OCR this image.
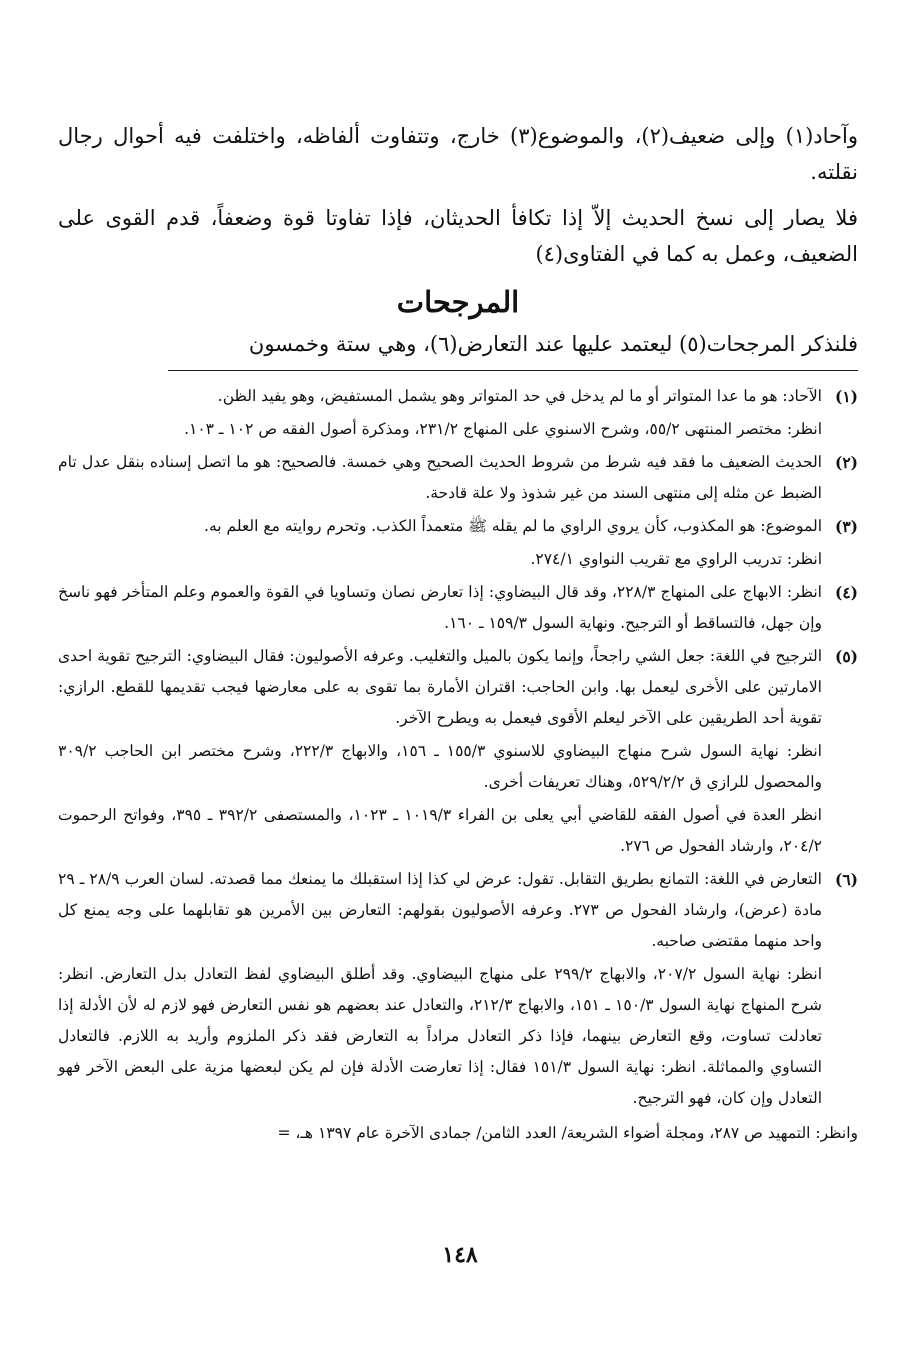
وآحاد(١) وإلى ضعيف(٢)، والموضوع(٣) خارج، وتتفاوت ألفاظه، واختلفت فيه أحوال رجال نقلته.

فلا يصار إلى نسخ الحديث إلاّ إذا تكافأ الحديثان، فإذا تفاوتا قوة وضعفاً، قدم القوى على الضعيف، وعمل به كما في الفتاوى(٤)

المرجحات

فلنذكر المرجحات(٥) ليعتمد عليها عند التعارض(٦)، وهي ستة وخمسون

(١)

الآحاد: هو ما عدا المتواتر أو ما لم يدخل في حد المتواتر وهو يشمل المستفيض، وهو يفيد الظن.

انظر: مختصر المنتهى ٥٥/٢، وشرح الاسنوي على المنهاج ٢٣١/٢، ومذكرة أصول الفقه ص ١٠٢ ـ ١٠٣.

(٢)

الحديث الضعيف ما فقد فيه شرط من شروط الحديث الصحيح وهي خمسة. فالصحيح: هو ما اتصل إسناده بنقل عدل تام الضبط عن مثله إلى منتهى السند من غير شذوذ ولا علة قادحة.

(٣)

الموضوع: هو المكذوب، كأن يروي الراوي ما لم يقله ﷺ متعمداً الكذب. وتحرم روايته مع العلم به.

انظر: تدريب الراوي مع تقريب النواوي ٢٧٤/١.

(٤)

انظر: الابهاج على المنهاج ٢٢٨/٣، وقد قال البيضاوي: إذا تعارض نصان وتساويا في القوة والعموم وعلم المتأخر فهو ناسخ وإن جهل، فالتساقط أو الترجيح. ونهاية السول ١٥٩/٣ ـ ١٦٠.

(٥)

الترجيح في اللغة: جعل الشي راجحاً، وإنما يكون بالميل والتغليب. وعرفه الأصوليون: فقال البيضاوي: الترجيح تقوية احدى الامارتين على الأخرى ليعمل بها. وابن الحاجب: اقتران الأمارة بما تقوى به على معارضها فيجب تقديمها للقطع. الرازي: تقوية أحد الطريقين على الآخر ليعلم الأقوى فيعمل به ويطرح الآخر.

انظر: نهاية السول شرح منهاج البيضاوي للاسنوي ١٥٥/٣ ـ ١٥٦، والابهاج ٢٢٢/٣، وشرح مختصر ابن الحاجب ٣٠٩/٢ والمحصول للرازي ق ٥٢٩/٢/٢، وهناك تعريفات أخرى.

انظر العدة في أصول الفقه للقاضي أبي يعلى بن الفراء ١٠١٩/٣ ـ ١٠٢٣، والمستصفى ٣٩٢/٢ ـ ٣٩٥، وفواتح الرحموت ٢٠٤/٢، وارشاد الفحول ص ٢٧٦.

(٦)

التعارض في اللغة: التمانع بطريق التقابل. تقول: عرض لي كذا إذا استقبلك ما يمنعك مما قصدته. لسان العرب ٢٨/٩ ـ ٢٩ مادة (عرض)، وارشاد الفحول ص ٢٧٣. وعرفه الأصوليون بقولهم: التعارض بين الأمرين هو تقابلهما على وجه يمنع كل واحد منهما مقتضى صاحبه.

انظر: نهاية السول ٢٠٧/٢، والابهاج ٢٩٩/٢ على منهاج البيضاوي. وقد أطلق البيضاوي لفظ التعادل بدل التعارض. انظر: شرح المنهاج نهاية السول ١٥٠/٣ ـ ١٥١، والابهاج ٢١٢/٣، والتعادل عند بعضهم هو نفس التعارض فهو لازم له لأن الأدلة إذا تعادلت تساوت، وقع التعارض بينهما، فإذا ذكر التعادل مراداً به التعارض فقد ذكر الملزوم وأريد به اللازم. فالتعادل التساوي والمماثلة. انظر: نهاية السول ١٥١/٣ فقال: إذا تعارضت الأدلة فإن لم يكن لبعضها مزية على البعض الآخر فهو التعادل وإن كان، فهو الترجيح.

وانظر: التمهيد ص ٢٨٧، ومجلة أضواء الشريعة/ العدد الثامن/ جمادى الآخرة عام ١٣٩٧ هـ، =

١٤٨
